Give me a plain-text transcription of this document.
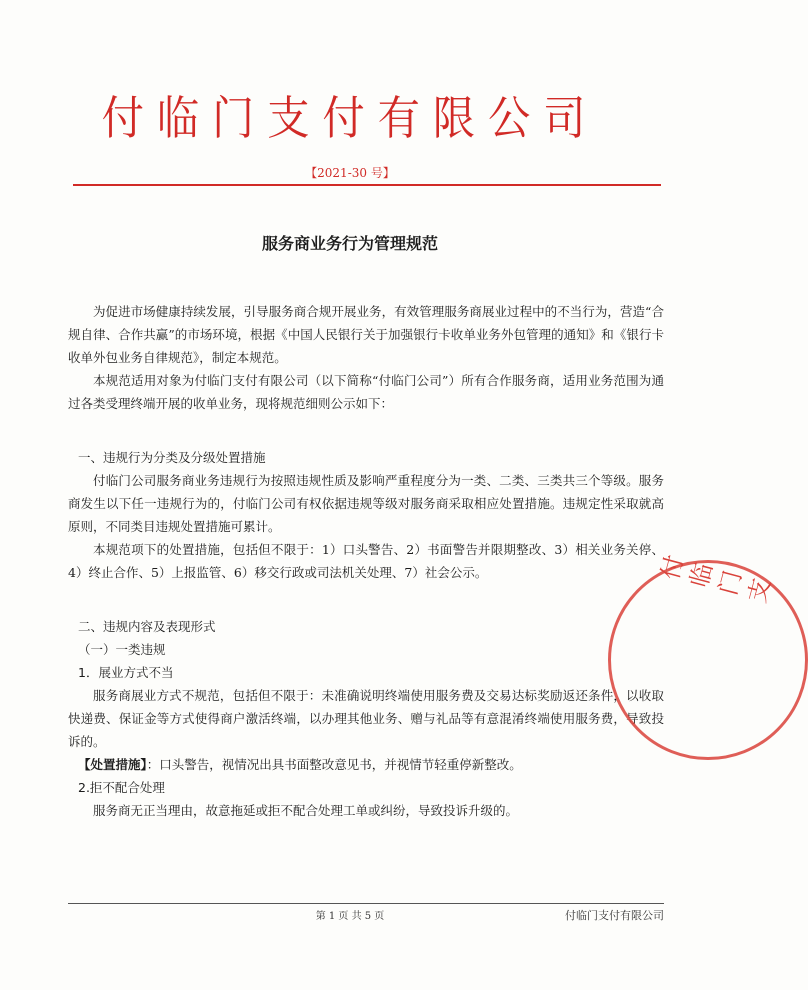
付临门支付有限公司
【2021-30 号】
服务商业务行为管理规范

为促进市场健康持续发展，引导服务商合规开展业务，有效管理服务商展业过程中的不当行为，营造“合规自律、合作共赢”的市场环境，根据《中国人民银行关于加强银行卡收单业务外包管理的通知》和《银行卡收单外包业务自律规范》，制定本规范。

本规范适用对象为付临门支付有限公司（以下简称“付临门公司”）所有合作服务商，适用业务范围为通过各类受理终端开展的收单业务，现将规范细则公示如下：

一、违规行为分类及分级处置措施

付临门公司服务商业务违规行为按照违规性质及影响严重程度分为一类、二类、三类共三个等级。服务商发生以下任一违规行为的，付临门公司有权依据违规等级对服务商采取相应处置措施。违规定性采取就高原则，不同类目违规处置措施可累计。

本规范项下的处置措施，包括但不限于：1）口头警告、2）书面警告并限期整改、3）相关业务关停、4）终止合作、5）上报监管、6）移交行政或司法机关处理、7）社会公示。

二、违规内容及表现形式
（一）一类违规
1．展业方式不当

服务商展业方式不规范，包括但不限于：未准确说明终端使用服务费及交易达标奖励返还条件，以收取快递费、保证金等方式使得商户激活终端，以办理其他业务、赠与礼品等有意混淆终端使用服务费，导致投诉的。

【处置措施】：口头警告，视情况出具书面整改意见书，并视情节轻重停新整改。

2.拒不配合处理

服务商无正当理由，故意拖延或拒不配合处理工单或纠纷，导致投诉升级的。

付临门支
第 1 页 共 5 页	付临门支付有限公司
